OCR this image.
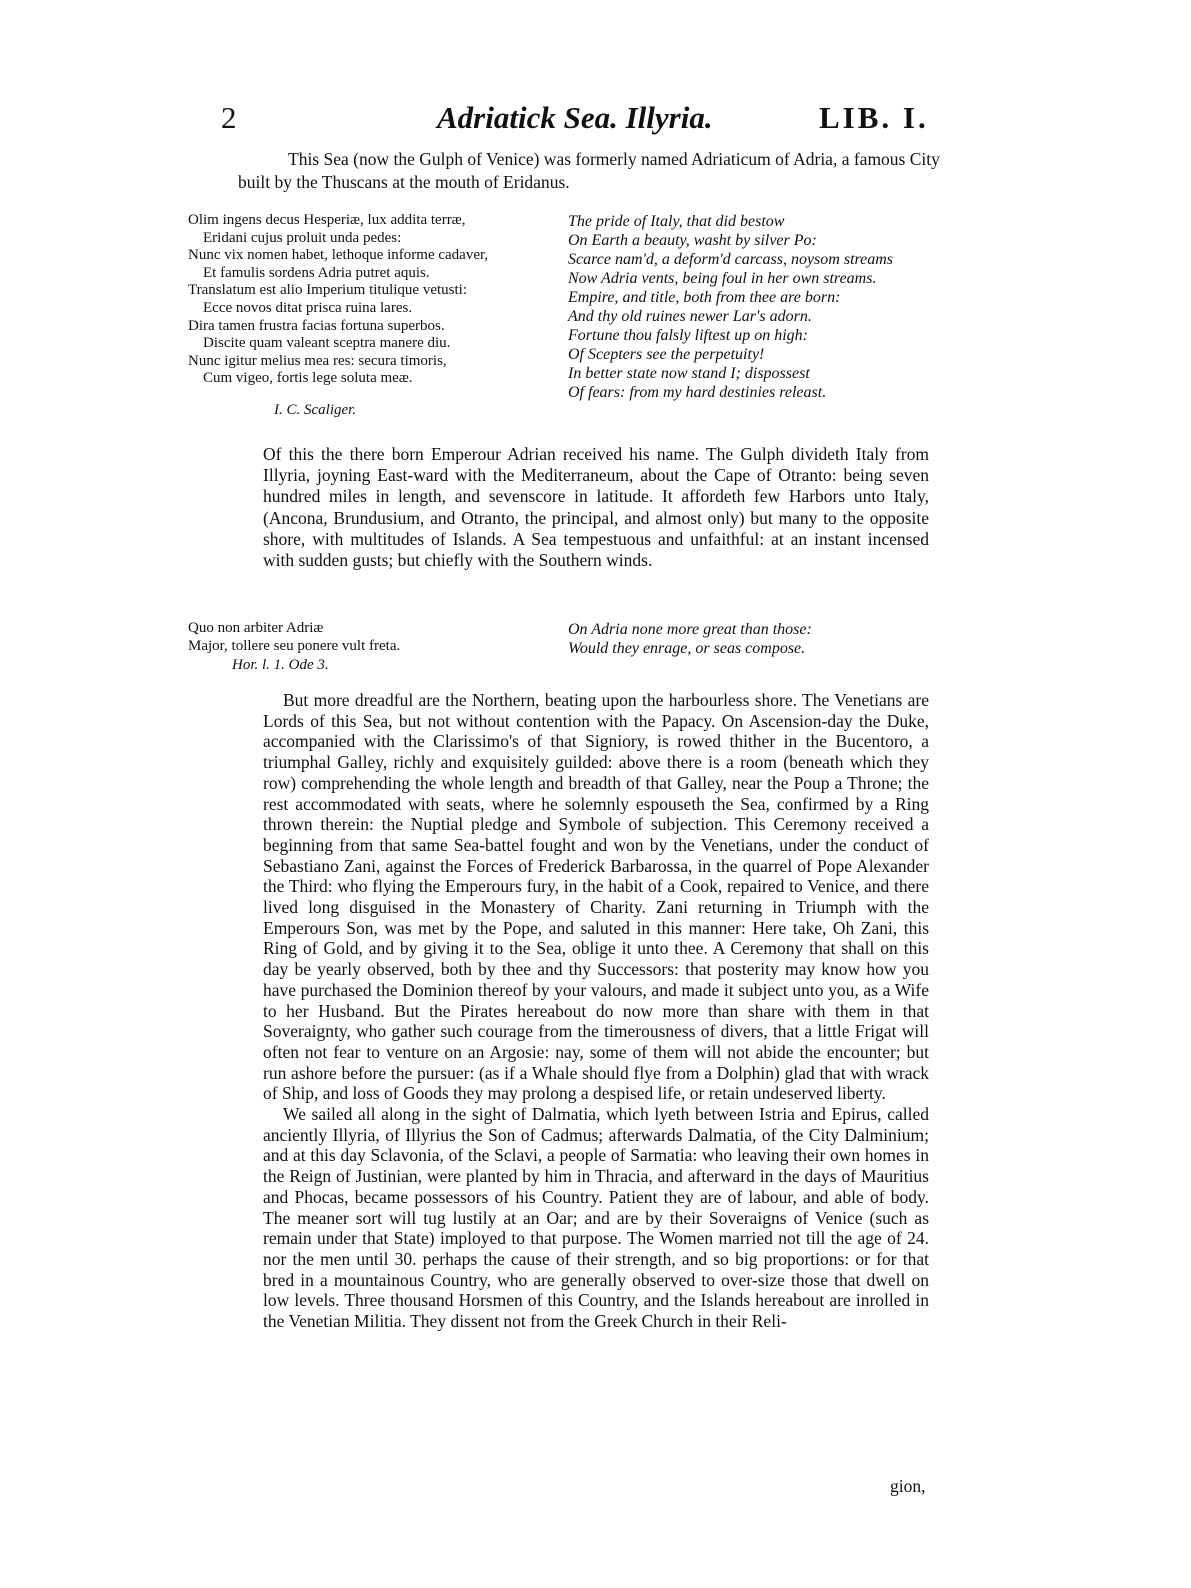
2	Adriatick Sea. Illyria.	LIB. I.
This Sea (now the Gulph of Venice) was formerly named Adriaticum of Adria, a famous City built by the Thuscans at the mouth of Eridanus.
Olim ingens decus Hesperiæ, lux addita terræ,
Eridani cujus proluit unda pedes:
Nunc vix nomen habet, lethoque informe cadaver,
Et famulis sordens Adria putret aquis.
Translatum est alio Imperium titulique vetusti:
Ecce novos ditat prisca ruina lares.
Dira tamen frustra facias fortuna superbos.
Discite quam valeant sceptra manere diu.
Nunc igitur melius mea res: secura timoris,
Cum vigeo, fortis lege soluta meæ.
The pride of Italy, that did bestow
On Earth a beauty, washt by silver Po:
Scarce nam'd, a deform'd carcass, noysom streams
Now Adria vents, being foul in her own streams.
Empire, and title, both from thee are born:
And thy old ruines newer Lar's adorn.
Fortune thou falsly liftest up on high:
Of Scepters see the perpetuity!
In better state now stand I; dispossest
Of fears: from my hard destinies releast.
I. C. Scaliger.

Of this the there born Emperour Adrian received his name. The Gulph divideth Italy from Illyria, joyning East-ward with the Mediterraneum, about the Cape of Otranto: being seven hundred miles in length, and sevenscore in latitude. It affordeth few Harbors unto Italy, (Ancona, Brundusium, and Otranto, the principal, and almost only) but many to the opposite shore, with multitudes of Islands. A Sea tempestuous and unfaithful: at an instant incensed with sudden gusts; but chiefly with the Southern winds.

Quo non arbiter Adriæ
Major, tollere seu ponere vult freta.
On Adria none more great than those:
Would they enrage, or seas compose.
Hor. l. 1. Ode 3.

But more dreadful are the Northern, beating upon the harbourless shore. The Venetians are Lords of this Sea, but not without contention with the Papacy. On Ascension-day the Duke, accompanied with the Clarissimo's of that Signiory, is rowed thither in the Bucentoro, a triumphal Galley, richly and exquisitely guilded: above there is a room (beneath which they row) comprehending the whole length and breadth of that Galley, near the Poup a Throne; the rest accommodated with seats, where he solemnly espouseth the Sea, confirmed by a Ring thrown therein: the Nuptial pledge and Symbole of subjection. This Ceremony received a beginning from that same Sea-battel fought and won by the Venetians, under the conduct of Sebastiano Zani, against the Forces of Frederick Barbarossa, in the quarrel of Pope Alexander the Third: who flying the Emperours fury, in the habit of a Cook, repaired to Venice, and there lived long disguised in the Monastery of Charity. Zani returning in Triumph with the Emperours Son, was met by the Pope, and saluted in this manner: Here take, Oh Zani, this Ring of Gold, and by giving it to the Sea, oblige it unto thee. A Ceremony that shall on this day be yearly observed, both by thee and thy Successors: that posterity may know how you have purchased the Dominion thereof by your valours, and made it subject unto you, as a Wife to her Husband. But the Pirates hereabout do now more than share with them in that Soveraignty, who gather such courage from the timerousness of divers, that a little Frigat will often not fear to venture on an Argosie: nay, some of them will not abide the encounter; but run ashore before the pursuer: (as if a Whale should flye from a Dolphin) glad that with wrack of Ship, and loss of Goods they may prolong a despised life, or retain undeserved liberty.

We sailed all along in the sight of Dalmatia, which lyeth between Istria and Epirus, called anciently Illyria, of Illyrius the Son of Cadmus; afterwards Dalmatia, of the City Dalminium; and at this day Sclavonia, of the Sclavi, a people of Sarmatia: who leaving their own homes in the Reign of Justinian, were planted by him in Thracia, and afterward in the days of Mauritius and Phocas, became possessors of his Country. Patient they are of labour, and able of body. The meaner sort will tug lustily at an Oar; and are by their Soveraigns of Venice (such as remain under that State) imployed to that purpose. The Women married not till the age of 24. nor the men until 30. perhaps the cause of their strength, and so big proportions: or for that bred in a mountainous Country, who are generally observed to over-size those that dwell on low levels. Three thousand Horsmen of this Country, and the Islands hereabout are inrolled in the Venetian Militia. They dissent not from the Greek Church in their Reli-

gion,
